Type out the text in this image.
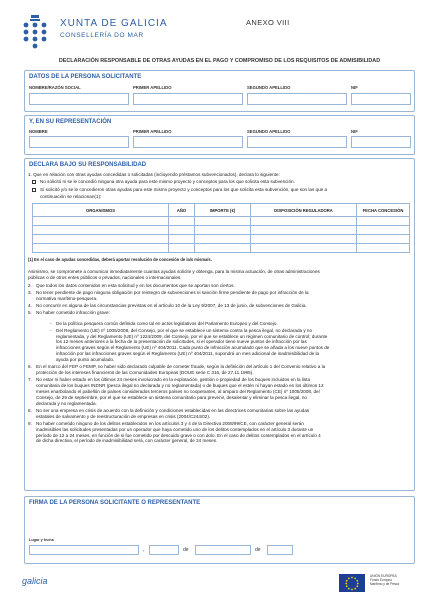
XUNTA DE GALICIA
CONSELLERÍA DO MAR
ANEXO VIII
DECLARACIÓN RESPONSABLE DE OTRAS AYUDAS EN EL PAGO Y COMPROMISO DE LOS REQUISITOS DE ADMISIBILIDAD
DATOS DE LA PERSONA SOLICITANTE
NOMBRE/RAZÓN SOCIAL	PRIMER APELLIDO	SEGUNDO APELLIDO	NIF
Y, EN SU REPRESENTACIÓN
NOMBRE	PRIMER APELLIDO	SEGUNDO APELLIDO	NIF
DECLARA BAJO SU RESPONSABILIDAD
1. Que en relación con otras ayudas concedidas o solicitadas (incluyendo préstamos subvencionados), declara lo siguiente:
No solicitó ni se le concedió ninguna otra ayuda para este mismo proyecto y conceptos para los que solicita esta subvención.
Sí solicitó y/o se le concedieron otras ayudas para este mismo proyecto y conceptos para los que solicita esta subvención, que son las que a
continuación se relacionan(1):
ORGANISMOS	AÑO	IMPORTE (€)	DISPOSICIÓN REGULADORA	FECHA CONCESIÓN

(1) En el caso de ayudas concedidas, deberá aportar resolución de concesión de la/s misma/s.
Asimismo, se compromete a comunicar inmediatamente cuantas ayudas solicite y obtenga, para la misma actuación, de otras administraciones
públicas o de otros entes públicos o privados, nacionales o internacionales.
2. Que todos los datos contenidos en esta solicitud y en los documentos que se aportan son ciertos.
3. No tener pendiente de pago ninguna obligación por reintegro de subvenciones ni sanción firme pendiente de pago por infracción de la
normativa marítimo-pesquera.
4. No concurrir en alguna de las circunstancias previstas en el artículo 10 de la Ley 9/2007, de 13 de junio, de subvenciones de Galicia.
5. No haber cometido infracción grave:
- De la política pesquera común definida como tal en actos legislativos del Parlamento Europeo y del Consejo.
- Del Reglamento (UE) nº 1005/2008, del Consejo, por el que se establece un sistema contra la pesca ilegal, no declarada y no
reglamentada, y del Reglamento (UE) nº 1224/2009, del Consejo, por el que se establece un régimen comunitario de control; durante
los 12 meses anteriores a la fecha de la presentación de solicitudes, si el operador tiene nueve puntos de infracción por las
infracciones graves según el Reglamento (UE) nº 404/2011. Cada punto de infracción acumulado que se añada a los nueve puntos de
infracción por las infracciones graves según el Reglamento (UE) nº 404/2011, supondrá un mes adicional de inadmisibilidad de la
ayuda por punto acumulado.
6. En el marco del FEP o FEMP, no haber sido declarado culpable de cometer fraude, según la definición del artículo 1 del Convenio relativo a la
protección de los intereses financieros de las Comunidades Europeas (DOUE serie C 316, de 27.11.1995).
7. No estar ni haber estado en los últimos 24 meses involucrado en la explotación, gestión o propiedad de los buques incluidos en la lista
comunitaria de los buques INDNR (pesca ilegal no declarada y no reglamentada) o de buques que el estén ni hayan estado en los últimos 12
meses enarbolando el pabellón de países considerados terceros países no cooperantes, al amparo del Reglamento (CE) nº 1005/2008, del
Consejo, de 29 de septiembre, por el que se establece un sistema comunitario para prevenir, desalentar y eliminar la pesca ilegal, no
declarada y no reglamentada.
8. No ser una empresa en crisis de acuerdo con la definición y condiciones establecidas en las directrices comunitarias sobre las ayudas
estatales de salvamento y de reestructuración de empresas en crisis (2004/C244/02).
9. No haber cometido ninguno de los delitos establecidos en los artículos 3 y 4 de la Directiva 2008/99/CE, con carácter general serán
inadmisibles las solicitudes presentadas por un operador que haya cometido uno de los delitos contemplados en el artículo 3 durante un
período de 12 a 24 meses, en función de si fue cometido por descuido grave o con dolo. En el caso de delitos contemplados en el artículo 4
de dicha directiva, el período de inadmisibilidad será, con carácter general, de 24 meses.
FIRMA DE LA PERSONA SOLICITANTE O REPRESENTANTE
Lugar y fecha
,	de	de
galicia	UNIÓN EUROPEA
Fondo Europeo
Marítimo y de Pesca
